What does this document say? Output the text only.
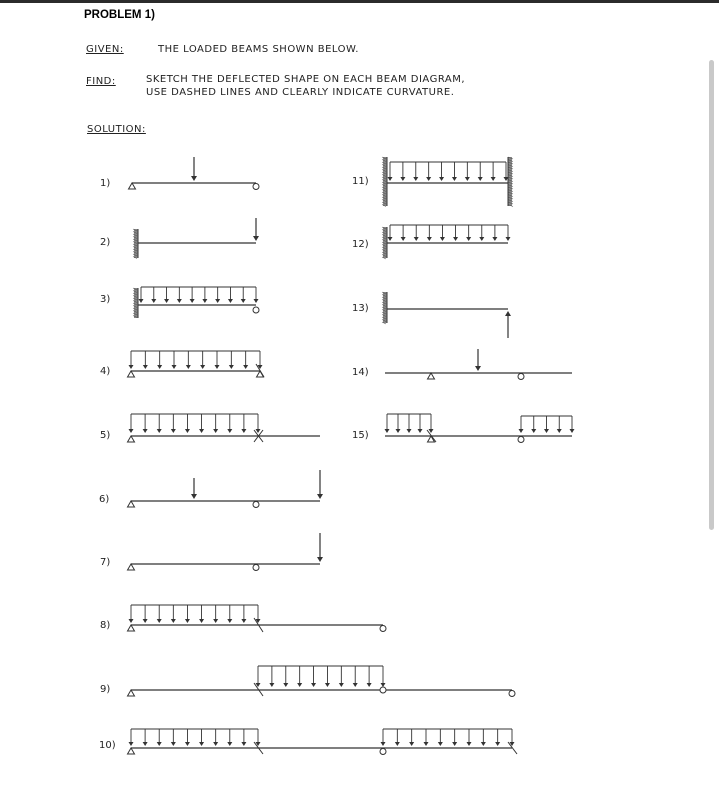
PROBLEM 1)
GIVEN:	THE LOADED BEAMS SHOWN BELOW.
FIND:	SKETCH THE DEFLECTED SHAPE ON EACH BEAM DIAGRAM,
USE DASHED LINES AND CLEARLY INDICATE CURVATURE.
SOLUTION:
1)
2)
3)
4)
5)
6)
7)
8)
9)
10)
11)
12)
13)
14)
15)
